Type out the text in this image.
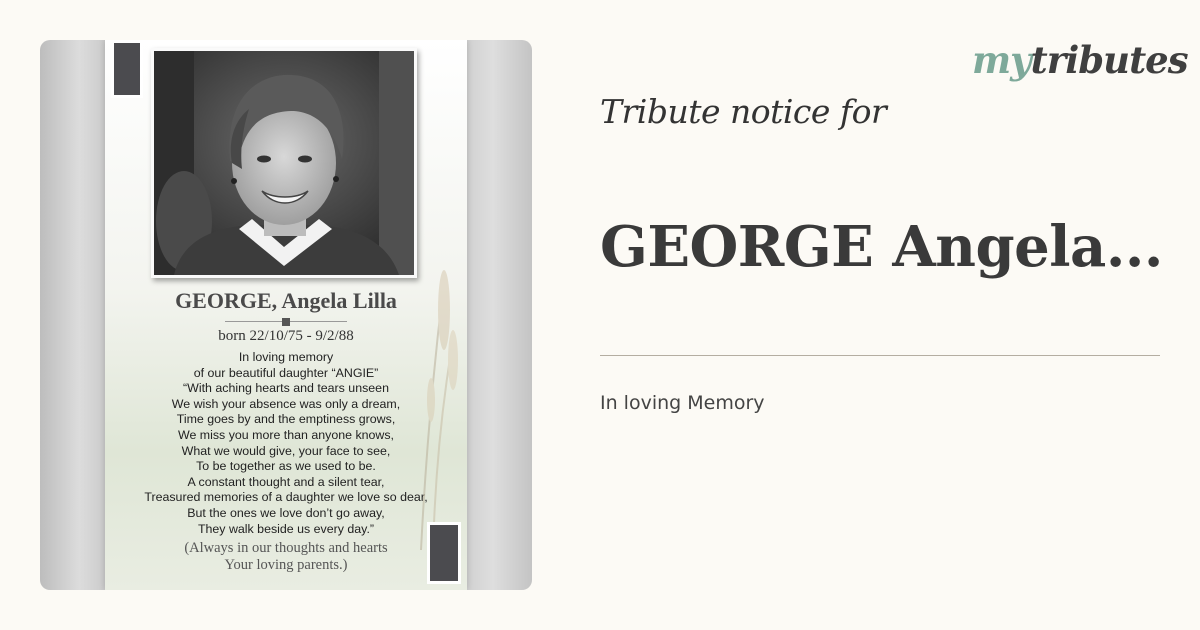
GEORGE, Angela Lilla
born 22/10/75 - 9/2/88
In loving memory
of our beautiful daughter “ANGIE”
“With aching hearts and tears unseen
We wish your absence was only a dream,
Time goes by and the emptiness grows,
We miss you more than anyone knows,
What we would give, your face to see,
To be together as we used to be.
A constant thought and a silent tear,
Treasured memories of a daughter we love so dear,
But the ones we love don’t go away,
They walk beside us every day.”
(Always in our thoughts and hearts
Your loving parents.)
mytributes
Tribute notice for
GEORGE Angela...
In loving Memory
